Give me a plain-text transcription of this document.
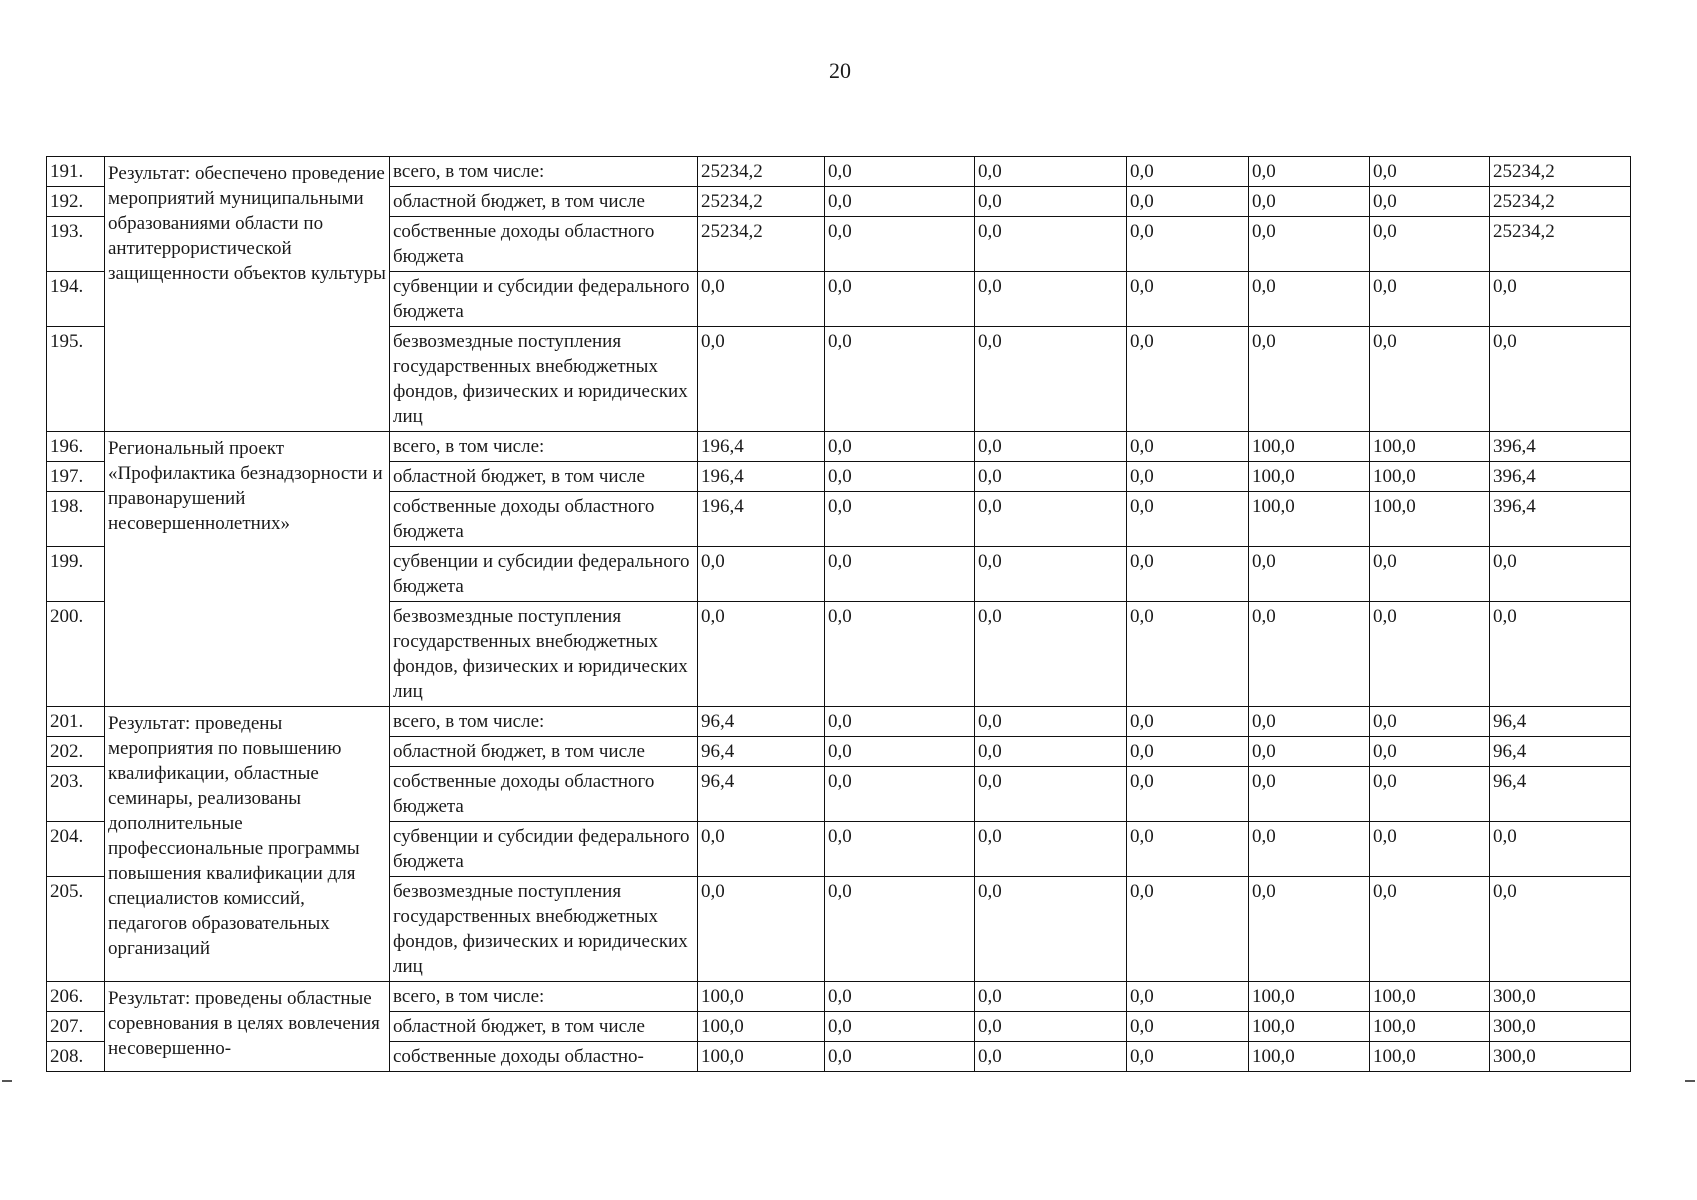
20
191.	Результат: обеспечено проведение мероприятий муниципальными образованиями области по антитеррористической защищенности объектов культуры	всего, в том числе:	25234,2	0,0	0,0	0,0	0,0	0,0	25234,2
192.		областной бюджет, в том числе	25234,2	0,0	0,0	0,0	0,0	0,0	25234,2
193.		собственные доходы областного бюджета	25234,2	0,0	0,0	0,0	0,0	0,0	25234,2
194.		субвенции и субсидии федерального бюджета	0,0	0,0	0,0	0,0	0,0	0,0	0,0
195.		безвозмездные поступления государственных внебюджетных фондов, физических и юридических лиц	0,0	0,0	0,0	0,0	0,0	0,0	0,0
196.	Региональный проект «Профилактика безнадзорности и правонарушений несовершеннолетних»	всего, в том числе:	196,4	0,0	0,0	0,0	100,0	100,0	396,4
197.		областной бюджет, в том числе	196,4	0,0	0,0	0,0	100,0	100,0	396,4
198.		собственные доходы областного бюджета	196,4	0,0	0,0	0,0	100,0	100,0	396,4
199.		субвенции и субсидии федерального бюджета	0,0	0,0	0,0	0,0	0,0	0,0	0,0
200.		безвозмездные поступления государственных внебюджетных фондов, физических и юридических лиц	0,0	0,0	0,0	0,0	0,0	0,0	0,0
201.	Результат: проведены мероприятия по повышению квалификации, областные семинары, реализованы дополнительные профессиональные программы повышения квалификации для специалистов комиссий, педагогов образовательных организаций	всего, в том числе:	96,4	0,0	0,0	0,0	0,0	0,0	96,4
202.		областной бюджет, в том числе	96,4	0,0	0,0	0,0	0,0	0,0	96,4
203.		собственные доходы областного бюджета	96,4	0,0	0,0	0,0	0,0	0,0	96,4
204.		субвенции и субсидии федерального бюджета	0,0	0,0	0,0	0,0	0,0	0,0	0,0
205.		безвозмездные поступления государственных внебюджетных фондов, физических и юридических лиц	0,0	0,0	0,0	0,0	0,0	0,0	0,0
206.	Результат: проведены областные соревнования в целях вовлечения несовершенно-	всего, в том числе:	100,0	0,0	0,0	0,0	100,0	100,0	300,0
207.		областной бюджет, в том числе	100,0	0,0	0,0	0,0	100,0	100,0	300,0
208.		собственные доходы областно-	100,0	0,0	0,0	0,0	100,0	100,0	300,0
